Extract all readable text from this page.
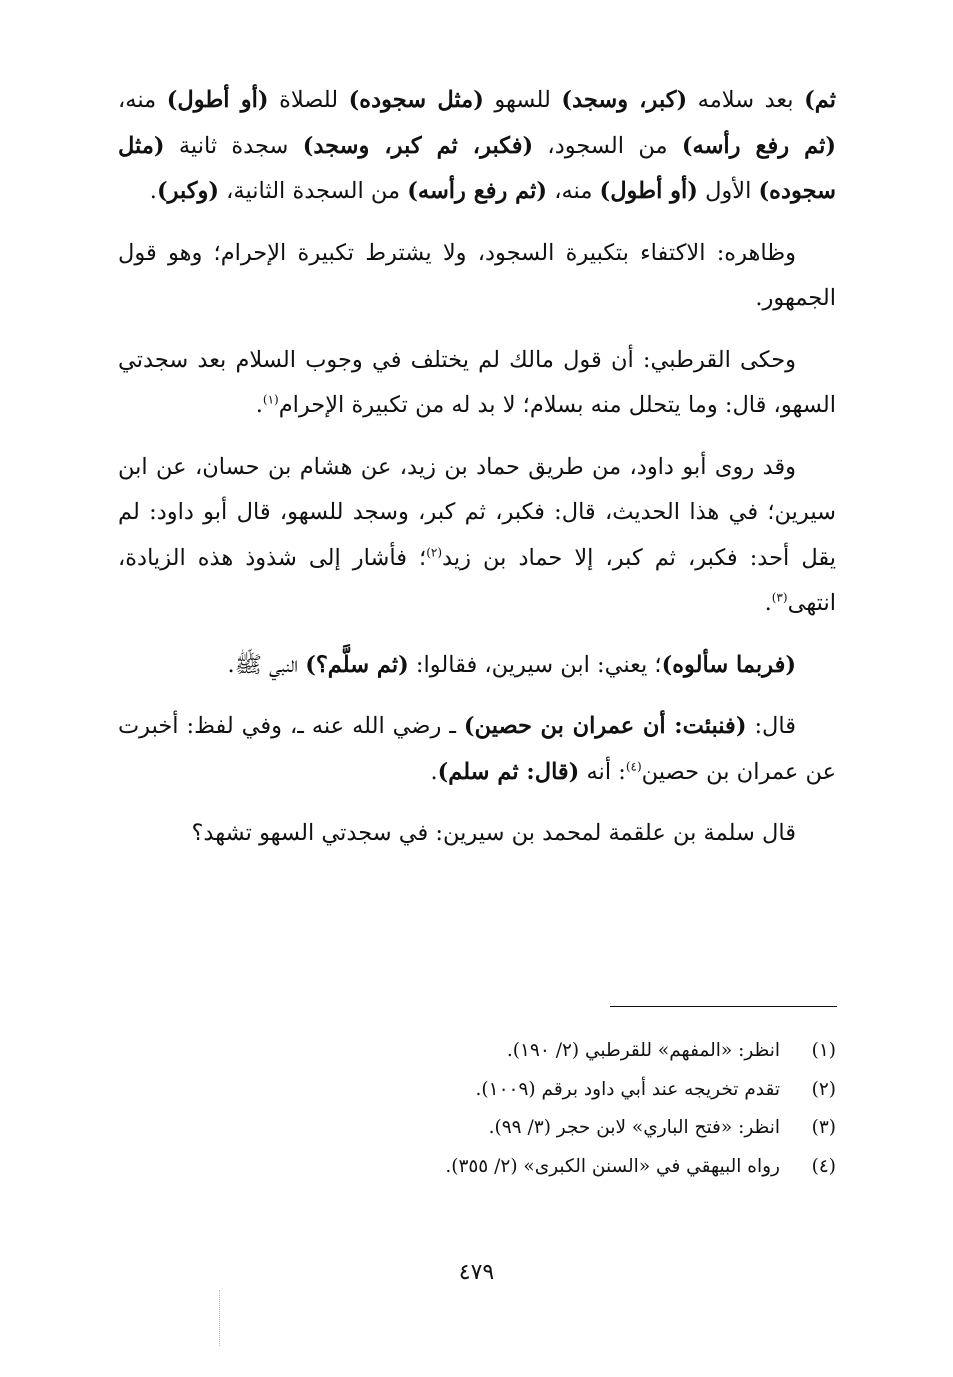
ثم) بعد سلامه (كبر، وسجد) للسهو (مثل سجوده) للصلاة (أو أطول) منه، (ثم رفع رأسه) من السجود، (فكبر، ثم كبر، وسجد) سجدة ثانية (مثل سجوده) الأول (أو أطول) منه، (ثم رفع رأسه) من السجدة الثانية، (وكبر).

وظاهره: الاكتفاء بتكبيرة السجود، ولا يشترط تكبيرة الإحرام؛ وهو قول الجمهور.

وحكى القرطبي: أن قول مالك لم يختلف في وجوب السلام بعد سجدتي السهو، قال: وما يتحلل منه بسلام؛ لا بد له من تكبيرة الإحرام$^{(١)}$.

وقد روى أبو داود، من طريق حماد بن زيد، عن هشام بن حسان، عن ابن سيرين؛ في هذا الحديث، قال: فكبر، ثم كبر، وسجد للسهو، قال أبو داود: لم يقل أحد: فكبر، ثم كبر، إلا حماد بن زيد$^{(٢)}$؛ فأشار إلى شذوذ هذه الزيادة، انتهى$^{(٣)}$.

(فربما سألوه)؛ يعني: ابن سيرين، فقالوا: (ثم سلَّم؟) النبي ﷺ.

قال: (فنبئت: أن عمران بن حصين) ـ رضي الله عنه ـ، وفي لفظ: أخبرت عن عمران بن حصين$^{(٤)}$: أنه (قال: ثم سلم).

قال سلمة بن علقمة لمحمد بن سيرين: في سجدتي السهو تشهد؟

(١)
انظر: «المفهم» للقرطبي (٢/ ١٩٠).
(٢)
تقدم تخريجه عند أبي داود برقم (١٠٠٩).
(٣)
انظر: «فتح الباري» لابن حجر (٣/ ٩٩).
(٤)
رواه البيهقي في «السنن الكبرى» (٢/ ٣٥٥).
٤٧٩
